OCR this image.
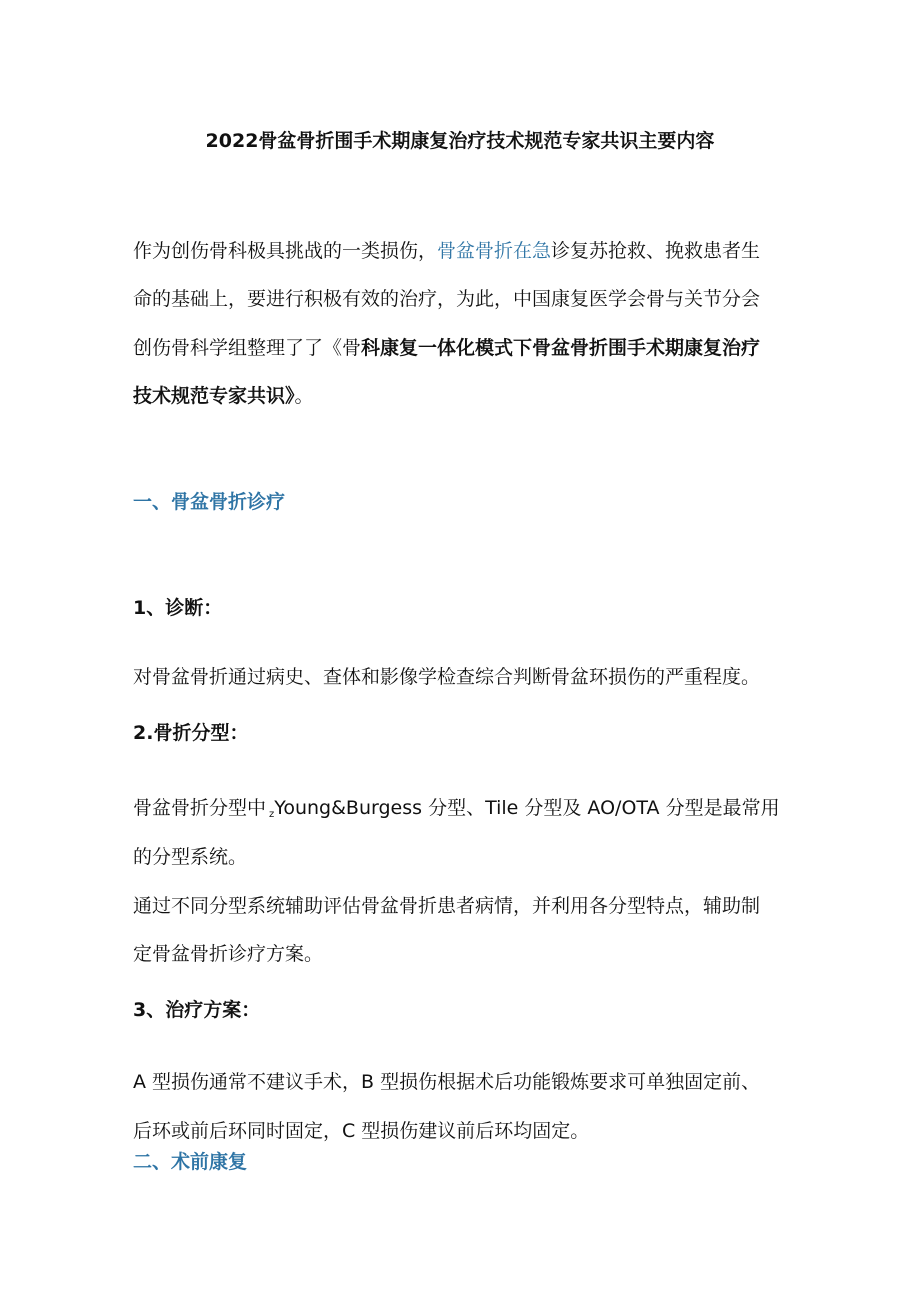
2022骨盆骨折围手术期康复治疗技术规范专家共识主要内容
作为创伤骨科极具挑战的一类损伤，骨盆骨折在急诊复苏抢救、挽救患者生
命的基础上，要进行积极有效的治疗，为此，中国康复医学会骨与关节分会
创伤骨科学组整理了了《骨科康复一体化模式下骨盆骨折围手术期康复治疗
技术规范专家共识》。
一、骨盆骨折诊疗
1、诊断：
对骨盆骨折通过病史、查体和影像学检查综合判断骨盆环损伤的严重程度。
2.骨折分型：
骨盆骨折分型中 $_z$Young&Burgess 分型、Tile 分型及 AO/OTA 分型是最常用
的分型系统。
通过不同分型系统辅助评估骨盆骨折患者病情，并利用各分型特点，辅助制
定骨盆骨折诊疗方案。
3、治疗方案：
A 型损伤通常不建议手术，B 型损伤根据术后功能锻炼要求可单独固定前、
后环或前后环同时固定，C 型损伤建议前后环均固定。
二、术前康复
